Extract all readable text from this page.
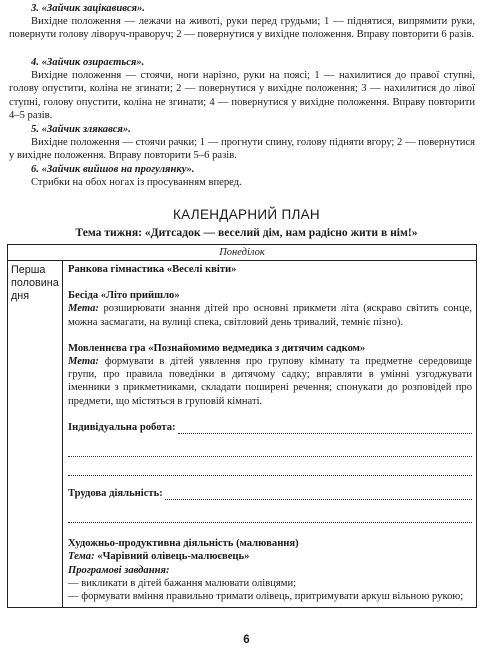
3. «Зайчик зацікавився».
Вихідне положення — лежачи на животі, руки перед грудьми; 1 — піднятися, випрямити руки, повернути голову ліворуч-праворуч; 2 — повернутися у вихідне положення. Вправу повторити 6 разів.
4. «Зайчик озирається».
Вихідне положення — стоячи, ноги нарізно, руки на поясі; 1 — нахилитися до правої ступні, голову опустити, коліна не згинати; 2 — повернутися у вихідне положення; 3 — нахилитися до лівої ступні, голову опустити, коліна не згинати; 4 — повернутися у вихідне положення. Вправу повторити 4–5 разів.
5. «Зайчик злякався».
Вихідне положення — стоячи рачки; 1 — прогнути спину, голову підняти вгору; 2 — повернутися у вихідне положення. Вправу повторити 5–6 разів.
6. «Зайчик вийшов на прогулянку».
Стрибки на обох ногах із просуванням вперед.
КАЛЕНДАРНИЙ ПЛАН
Тема тижня: «Дитсадок — веселий дім, нам радісно жити в нім!»
Понеділок
Перша половина дня
Ранкова гімнастика «Веселі квіти»
Бесіда «Літо прийшло»
Мета: розширювати знання дітей про основні прикмети літа (яскраво світить сонце, можна засмагати, на вулиці спека, світловий день тривалий, темніє пізно).
Мовленнєва гра «Познайомимо ведмедика з дитячим садком»
Мета: формувати в дітей уявлення про групову кімнату та предметне середовище групи, про правила поведінки в дитячому садку; вправляти в умінні узгоджувати іменники з прикметниками, складати поширені речення; спонукати до розповідей про предмети, що містяться в груповій кімнаті.
Індивідуальна робота:
Трудова діяльність:
Художньо-продуктивна діяльність (малювання)
Тема: «Чарівний олівець-малюєвець»
Програмові завдання:
— викликати в дітей бажання малювати олівцями;
— формувати вміння правильно тримати олівець, притримувати аркуш вільною рукою;
6
